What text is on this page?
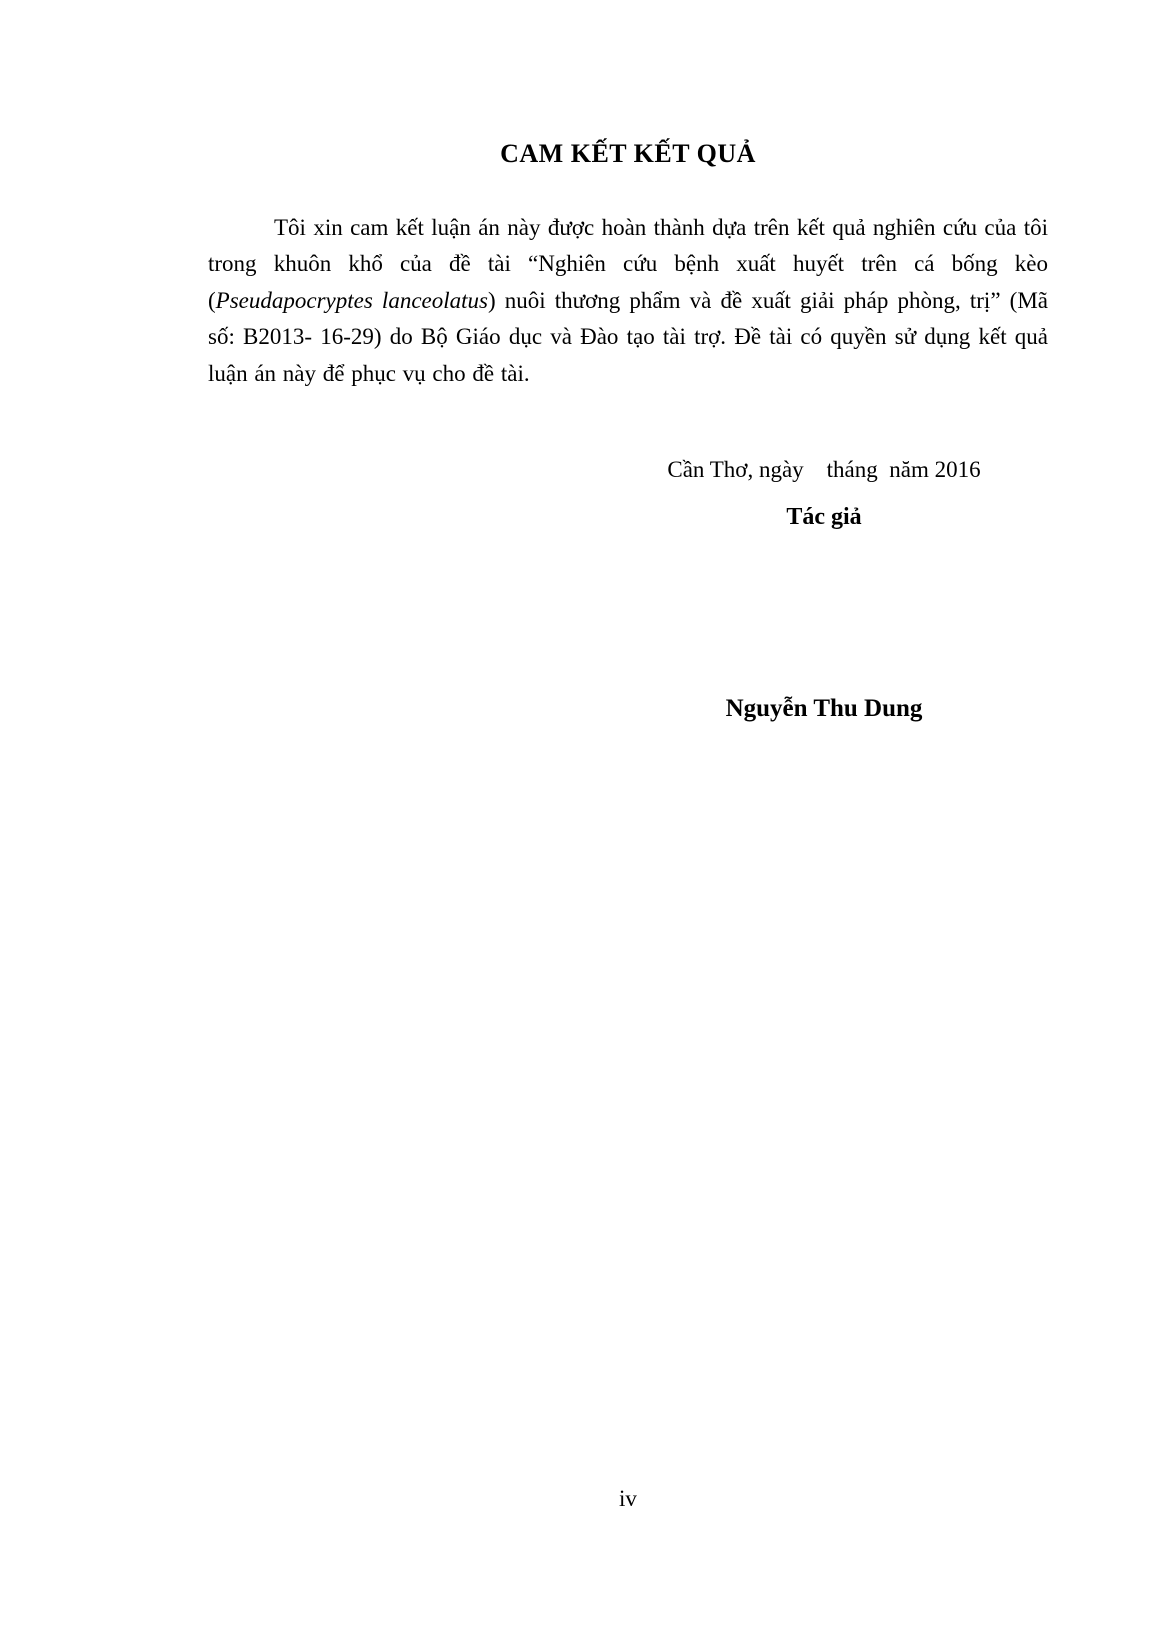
CAM KẾT KẾT QUẢ

Tôi xin cam kết luận án này được hoàn thành dựa trên kết quả nghiên cứu của tôi trong khuôn khổ của đề tài “Nghiên cứu bệnh xuất huyết trên cá bống kèo (Pseudapocryptes lanceolatus) nuôi thương phẩm và đề xuất giải pháp phòng, trị” (Mã số: B2013- 16-29) do Bộ Giáo dục và Đào tạo tài trợ. Đề tài có quyền sử dụng kết quả luận án này để phục vụ cho đề tài.

Cần Thơ, ngày    tháng  năm 2016
Tác giả
Nguyễn Thu Dung
iv
